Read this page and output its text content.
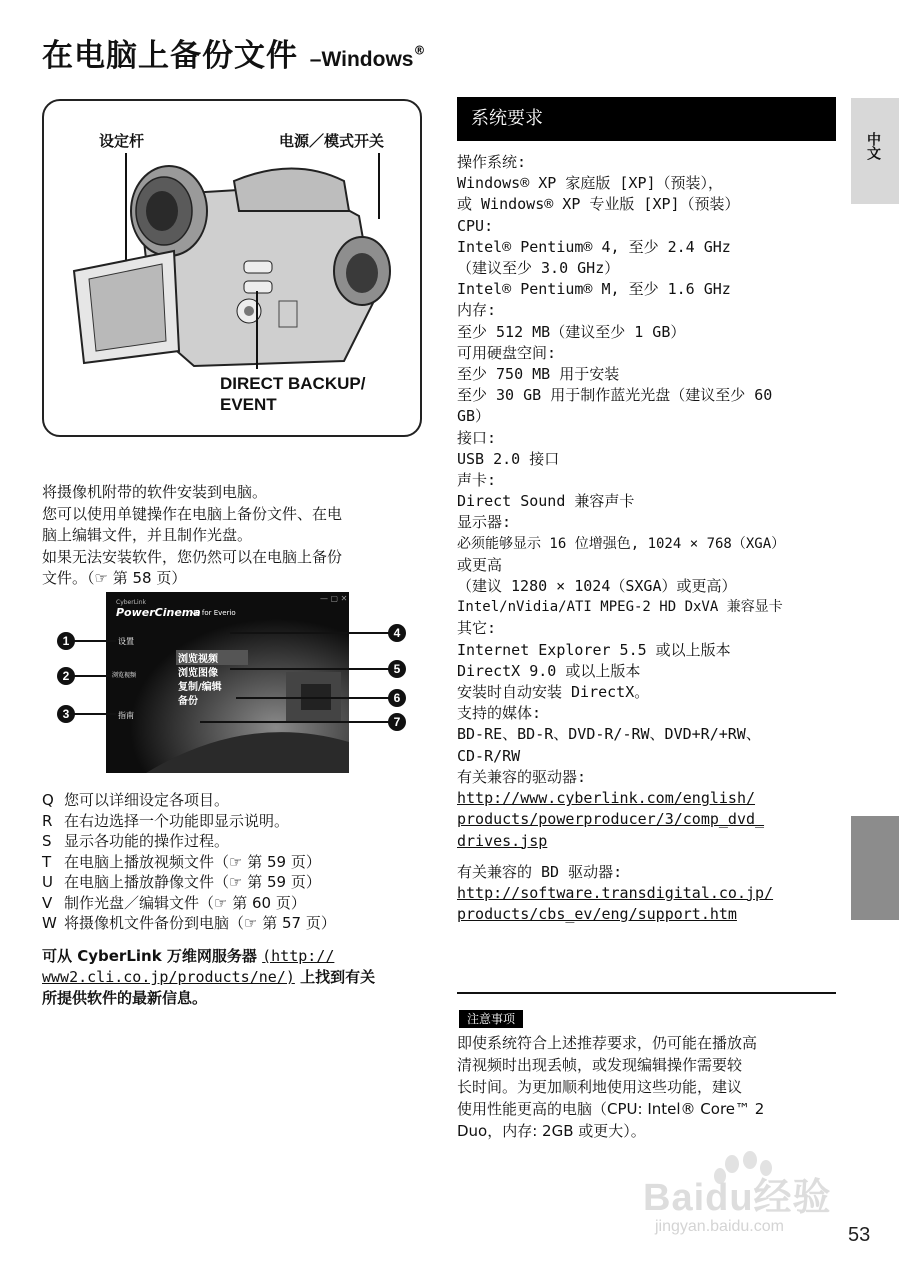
在电脑上备份文件 –Windows®
设定杆	电源／模式开关
DIRECT BACKUP/
EVENT

将摄像机附带的软件安装到电脑。

您可以使用单键操作在电脑上备份文件、在电

脑上编辑文件，并且制作光盘。

如果无法安装软件，您仍然可以在电脑上备份

文件。（☞ 第 58 页）

CyberLink
PowerCinema
NE for Everio
— ▢ ✕
设置
浏览视频
指南
浏览视频
浏览图像
复制/编辑
备份
1
2
3
4
5
6
7
Q 您可以详细设定各项目。
R 在右边选择一个功能即显示说明。
S 显示各功能的操作过程。
T 在电脑上播放视频文件（☞ 第 59 页）
U 在电脑上播放静像文件（☞ 第 59 页）
V 制作光盘／编辑文件（☞ 第 60 页）
W 将摄像机文件备份到电脑（☞ 第 57 页）
可从 CyberLink 万维网服务器 (http://
www2.cli.co.jp/products/ne/) 上找到有关
所提供软件的最新信息。
系统要求
操作系统:
Windows® XP 家庭版 [XP]（预装），
或 Windows® XP 专业版 [XP]（预装）
CPU:
Intel® Pentium® 4, 至少 2.4 GHz
（建议至少 3.0 GHz）
Intel® Pentium® M, 至少 1.6 GHz
内存:
至少 512 MB（建议至少 1 GB）
可用硬盘空间:
至少 750 MB 用于安装
至少 30 GB 用于制作蓝光光盘（建议至少 60
GB）
接口:
USB 2.0 接口
声卡:
Direct Sound 兼容声卡
显示器:
必须能够显示 16 位增强色, 1024 × 768（XGA）
或更高
（建议 1280 × 1024（SXGA）或更高）
Intel/nVidia/ATI MPEG-2 HD DxVA 兼容显卡
其它:
Internet Explorer 5.5 或以上版本
DirectX 9.0 或以上版本
安装时自动安装 DirectX。
支持的媒体:
BD-RE、BD-R、DVD-R/-RW、DVD+R/+RW、
CD-R/RW
有关兼容的驱动器:
http://www.cyberlink.com/english/
products/powerproducer/3/comp_dvd_
drives.jsp
有关兼容的 BD 驱动器:
http://software.transdigital.co.jp/
products/cbs_ev/eng/support.htm
注意事项
即使系统符合上述推荐要求，仍可能在播放高
清视频时出现丢帧，或发现编辑操作需要较
长时间。为更加顺利地使用这些功能，建议
使用性能更高的电脑（CPU: Intel® Core™ 2
Duo，内存: 2GB 或更大）。
中文
Baidu经验
jingyan.baidu.com	53
